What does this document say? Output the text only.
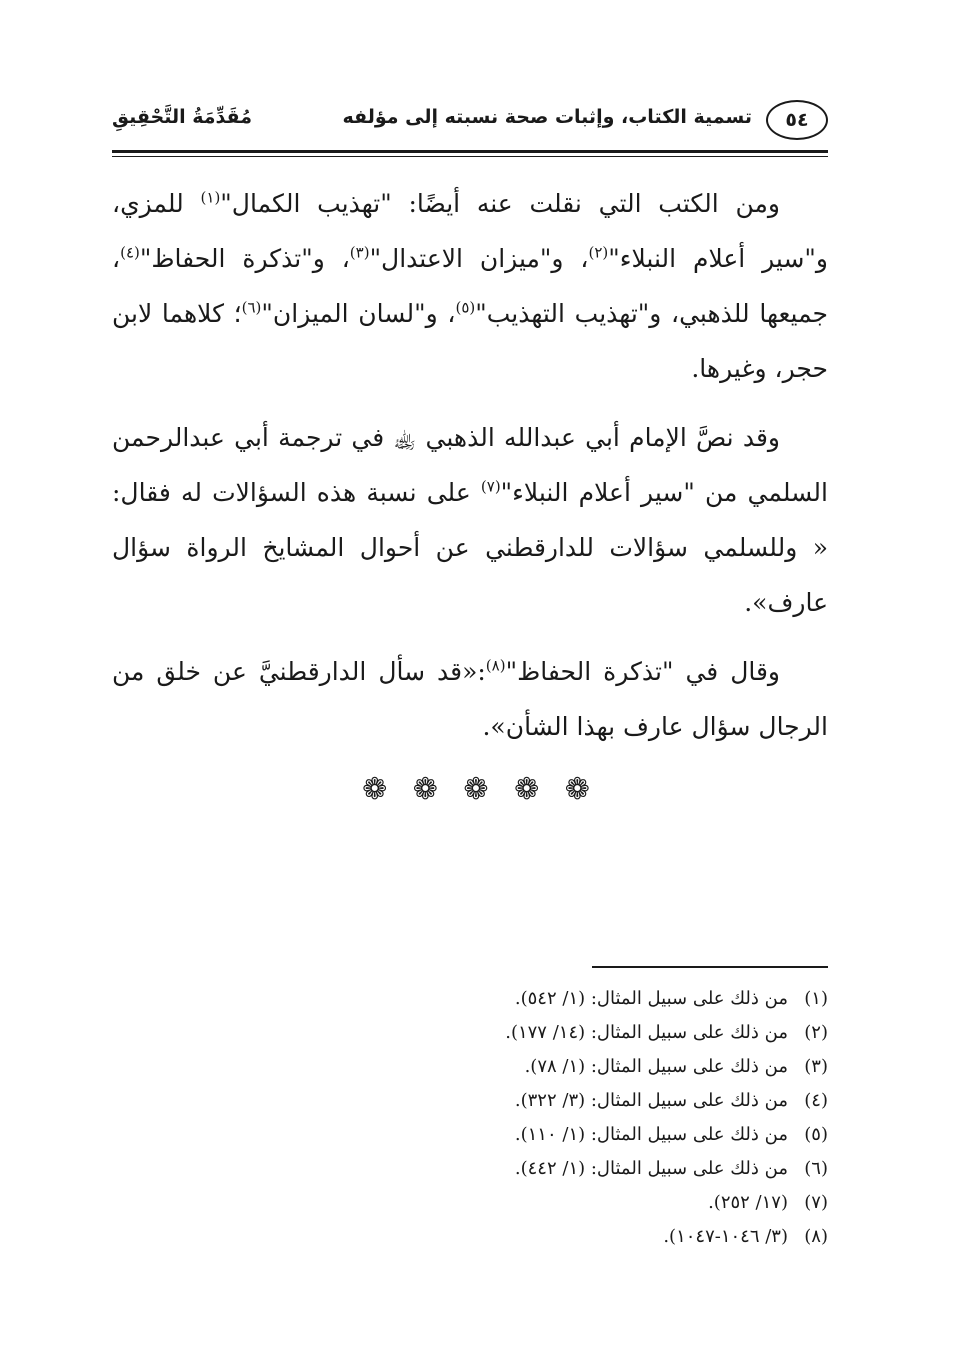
٥٤
تسمية الكتاب، وإثبات صحة نسبته إلى مؤلفه
مُقَدِّمَةُ التَّحْقِيقِ

ومن الكتب التي نقلت عنه أيضًا: "تهذيب الكمال"$^{(١)}$ للمزي، و"سير أعلام النبلاء"$^{(٢)}$، و"ميزان الاعتدال"$^{(٣)}$، و"تذكرة الحفاظ"$^{(٤)}$، جميعها للذهبي، و"تهذيب التهذيب"$^{(٥)}$، و"لسان الميزان"$^{(٦)}$؛ كلاهما لابن حجر، وغيرها.

وقد نصَّ الإمام أبي عبدالله الذهبي ﵀ في ترجمة أبي عبدالرحمن السلمي من "سير أعلام النبلاء"$^{(٧)}$ على نسبة هذه السؤالات له فقال: « وللسلمي سؤالات للدارقطني عن أحوال المشايخ الرواة سؤال عارف».

وقال في "تذكرة الحفاظ"$^{(٨)}$:«قد سأل الدارقطنيَّ عن خلق من الرجال سؤال عارف بهذا الشأن».

❁ ❁ ❁ ❁ ❁
(١)من ذلك على سبيل المثال: (١/ ٥٤٢).
(٢)من ذلك على سبيل المثال: (١٤/ ١٧٧).
(٣)من ذلك على سبيل المثال: (١/ ٧٨).
(٤)من ذلك على سبيل المثال: (٣/ ٣٢٢).
(٥)من ذلك على سبيل المثال: (١/ ١١٠).
(٦)من ذلك على سبيل المثال: (١/ ٤٤٢).
(٧)(١٧/ ٢٥٢).
(٨)(٣/ ١٠٤٦-١٠٤٧).
